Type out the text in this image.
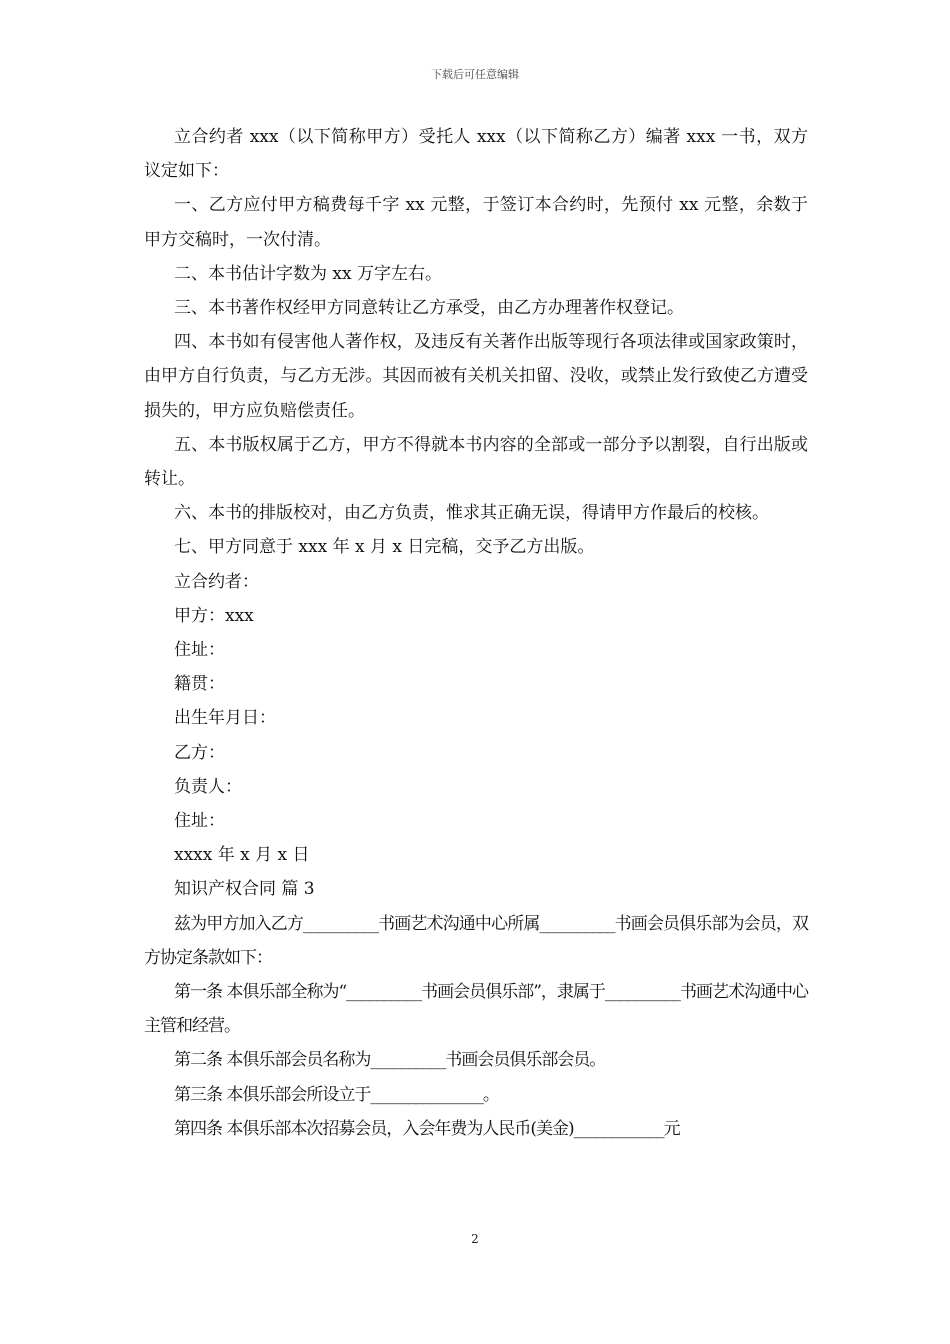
下载后可任意编辑

立合约者 xxx（以下简称甲方）受托人 xxx（以下简称乙方）编著 xxx 一书，双方议定如下：

一、乙方应付甲方稿费每千字 xx 元整，于签订本合约时，先预付 xx 元整，余数于甲方交稿时，一次付清。

二、本书估计字数为 xx 万字左右。

三、本书著作权经甲方同意转让乙方承受，由乙方办理著作权登记。

四、本书如有侵害他人著作权，及违反有关著作出版等现行各项法律或国家政策时，由甲方自行负责，与乙方无涉。其因而被有关机关扣留、没收，或禁止发行致使乙方遭受损失的，甲方应负赔偿责任。

五、本书版权属于乙方，甲方不得就本书内容的全部或一部分予以割裂，自行出版或转让。

六、本书的排版校对，由乙方负责，惟求其正确无误，得请甲方作最后的校核。

七、甲方同意于 xxx 年 x 月 x 日完稿，交予乙方出版。

立合约者：

甲方：xxx

住址：

籍贯：

出生年月日：

乙方：

负责人：

住址：

xxxx 年 x 月 x 日

知识产权合同 篇 3

兹为甲方加入乙方__________书画艺术沟通中心所属__________书画会员俱乐部为会员，双方协定条款如下：

第一条 本俱乐部全称为“__________书画会员俱乐部”，隶属于__________书画艺术沟通中心主管和经营。

第二条 本俱乐部会员名称为__________书画会员俱乐部会员。

第三条 本俱乐部会所设立于_______________。

第四条 本俱乐部本次招募会员，入会年费为人民币(美金)____________元

2
